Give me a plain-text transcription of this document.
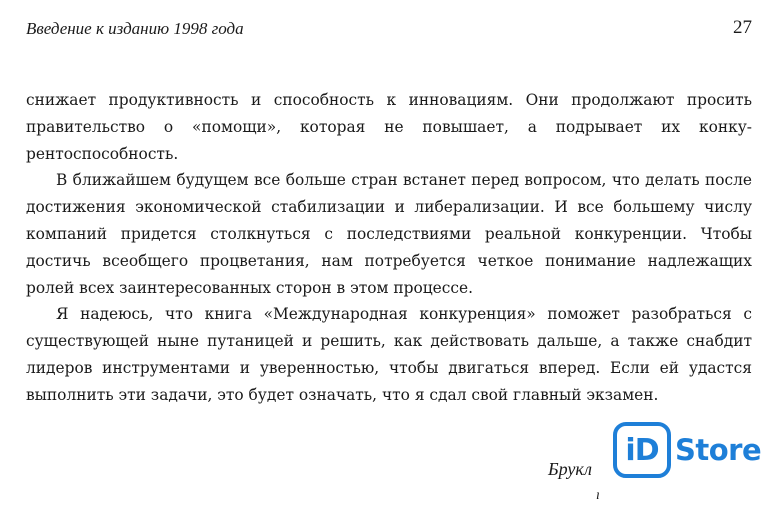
Введение к изданию 1998 года	27

снижает продуктивность и способность к инновациям. Они продолжают просить правительство о «помощи», которая не повышает, а подрывает их конкурентоспособность.

В ближайшем будущем все больше стран встанет перед вопросом, что делать после достижения экономической стабилизации и либерализации. И все большему числу компаний придется столкнуться с последствиями реальной конкуренции. Чтобы достичь всеобщего процветания, нам потребуется четкое понимание надлежащих ролей всех заинтересованных сторон в этом процессе.

Я надеюсь, что книга «Международная конкуренция» поможет разобраться с существующей ныне путаницей и решить, как действовать дальше, а также снабдит лидеров инструментами и уверенностью, чтобы двигаться вперед. Если ей удастся выполнить эти задачи, это будет означать, что я сдал свой главный экзамен.

Брукл
ı
iD Store
